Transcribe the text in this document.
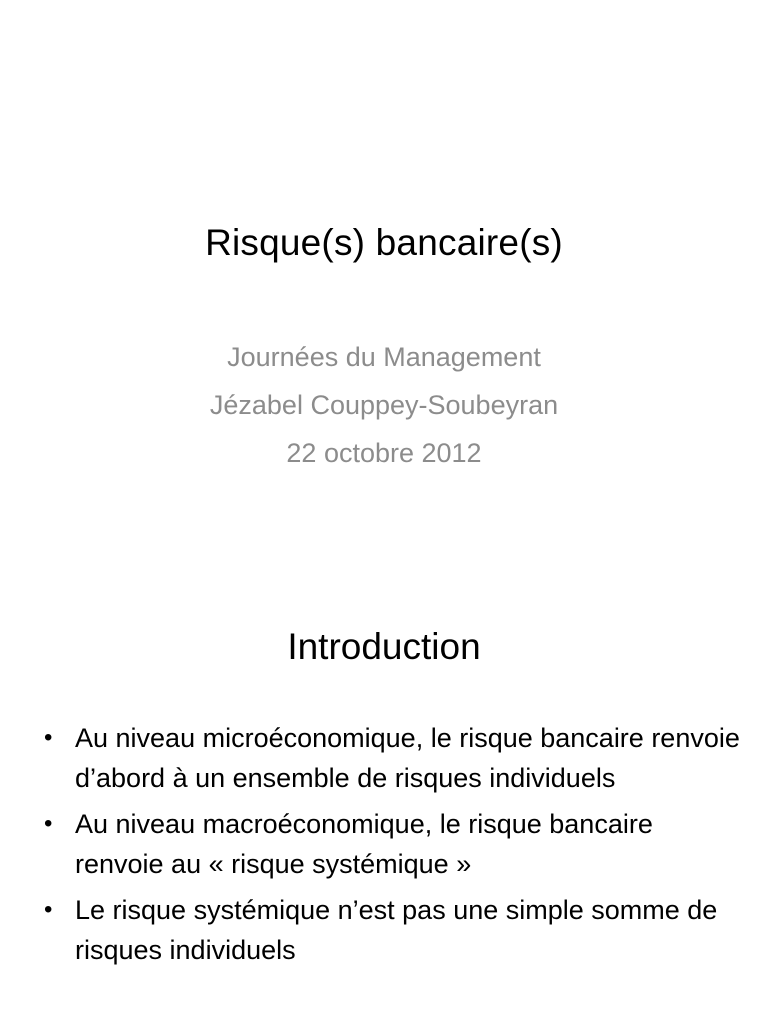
Risque(s) bancaire(s)
Journées du Management
Jézabel Couppey-Soubeyran
22 octobre 2012
Introduction
• Au niveau microéconomique, le risque bancaire renvoie d’abord à un ensemble de risques individuels
• Au niveau macroéconomique, le risque bancaire renvoie au « risque systémique »
• Le risque systémique n’est pas une simple somme de risques individuels
